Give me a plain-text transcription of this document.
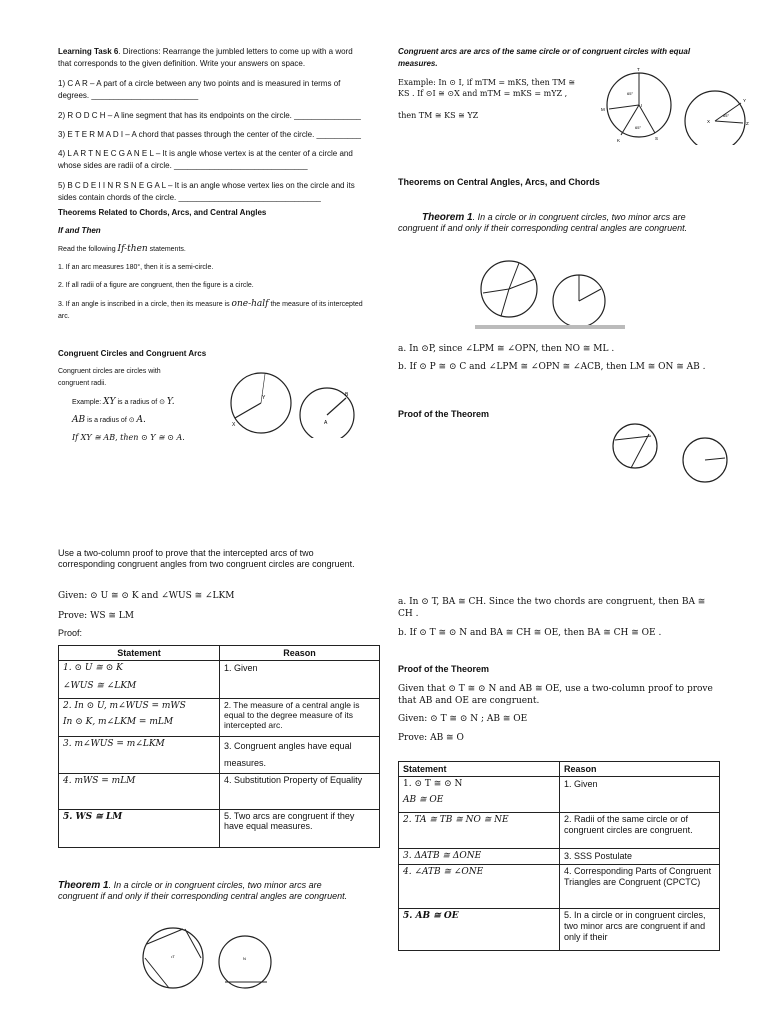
Learning Task 6. Directions: Rearrange the jumbled letters to come up with a word that corresponds to the given definition. Write your answers on space.

1) C A R – A part of a circle between any two points and is measured in terms of degrees. ________________________

2) R O D C H – A line segment that has its endpoints on the circle. _______________

3) E T E R M A D I – A chord that passes through the center of the circle. __________

4) L A R T N E C G A N E L – It is angle whose vertex is at the center of a circle and whose sides are radii of a circle. ______________________________

5) B C D E I I N R S N E G A L – It is an angle whose vertex lies on the circle and its sides contain chords of the circle. ________________________________

Theorems Related to Chords, Arcs, and Central Angles
If and Then
Read the following If-then statements.
1. If an arc measures 180°, then it is a semi-circle.
2. If all radii of a figure are congruent, then the figure is a circle.
3. If an angle is inscribed in a circle, then its measure is one-half the measure of its intercepted arc.
Congruent Circles and Congruent Arcs
Congruent circles are circles with congruent radii.
Example: XY is a radius of ⊙ Y.
AB is a radius of ⊙ A.
If XY ≅ AB, then ⊙ Y ≅ ⊙ A.
Y
X
B
A
Use a two-column proof to prove that the intercepted arcs of two corresponding congruent angles from two congruent circles are congruent.
Given: ⊙ U ≅ ⊙ K and ∠WUS ≅ ∠LKM
Prove: WS ≅ LM
Proof:
Statement	Reason

1. ⊙ U ≅ ⊙ K
∠WUS ≅ ∠LKM	1. Given

2. In ⊙ U, m∠WUS = mWS
In ⊙ K, m∠LKM = mLM	2. The measure of a central angle is equal to the degree measure of its intercepted arc.

3. m∠WUS = m∠LKM	3. Congruent angles have equal measures.

4. mWS = mLM	4. Substitution Property of Equality

5. WS ≅ LM	5. Two arcs are congruent if they have equal measures.
Theorem 1. In a circle or in congruent circles, two minor arcs are congruent if and only if their corresponding central angles are congruent.
•T	N
Congruent arcs are arcs of the same circle or of congruent circles with equal measures.
Example: In ⊙ I, if mTM = mKS, then TM ≅ KS . If ⊙I ≅ ⊙X and mTM = mKS = mYZ ,
then TM ≅ KS ≅ YZ
T
M
I
K	S
65°
65°
Y
X	Z
65°
Theorems on Central Angles, Arcs, and Chords
Theorem 1. In a circle or in congruent circles, two minor arcs are congruent if and only if their corresponding central angles are congruent.
a. In ⊙P, since ∠LPM ≅ ∠OPN, then NO ≅ ML .
b. If ⊙ P ≅ ⊙ C and ∠LPM ≅ ∠OPN ≅ ∠ACB, then LM ≅ ON ≅ AB .
Proof of the Theorem
a. In ⊙ T, BA ≅ CH. Since the two chords are congruent, then BA ≅ CH .
b. If ⊙ T ≅ ⊙ N and BA ≅ CH ≅ OE, then BA ≅ CH ≅ OE .
Proof of the Theorem
Given that ⊙ T ≅ ⊙ N and AB ≅ OE, use a two-column proof to prove that AB and OE are congruent.
Given: ⊙ T ≅ ⊙ N ; AB ≅ OE
Prove: AB ≅ O
Statement	Reason

1. ⊙ T ≅ ⊙ N
AB ≅ OE	1. Given

2. TA ≅ TB ≅ NO ≅ NE	2. Radii of the same circle or of congruent circles are congruent.

3. ΔATB ≅ ΔONE	3. SSS Postulate

4. ∠ATB ≅ ∠ONE	4. Corresponding Parts of Congruent Triangles are Congruent (CPCTC)

5. AB ≅ OE	5. In a circle or in congruent circles, two minor arcs are congruent if and only if their
